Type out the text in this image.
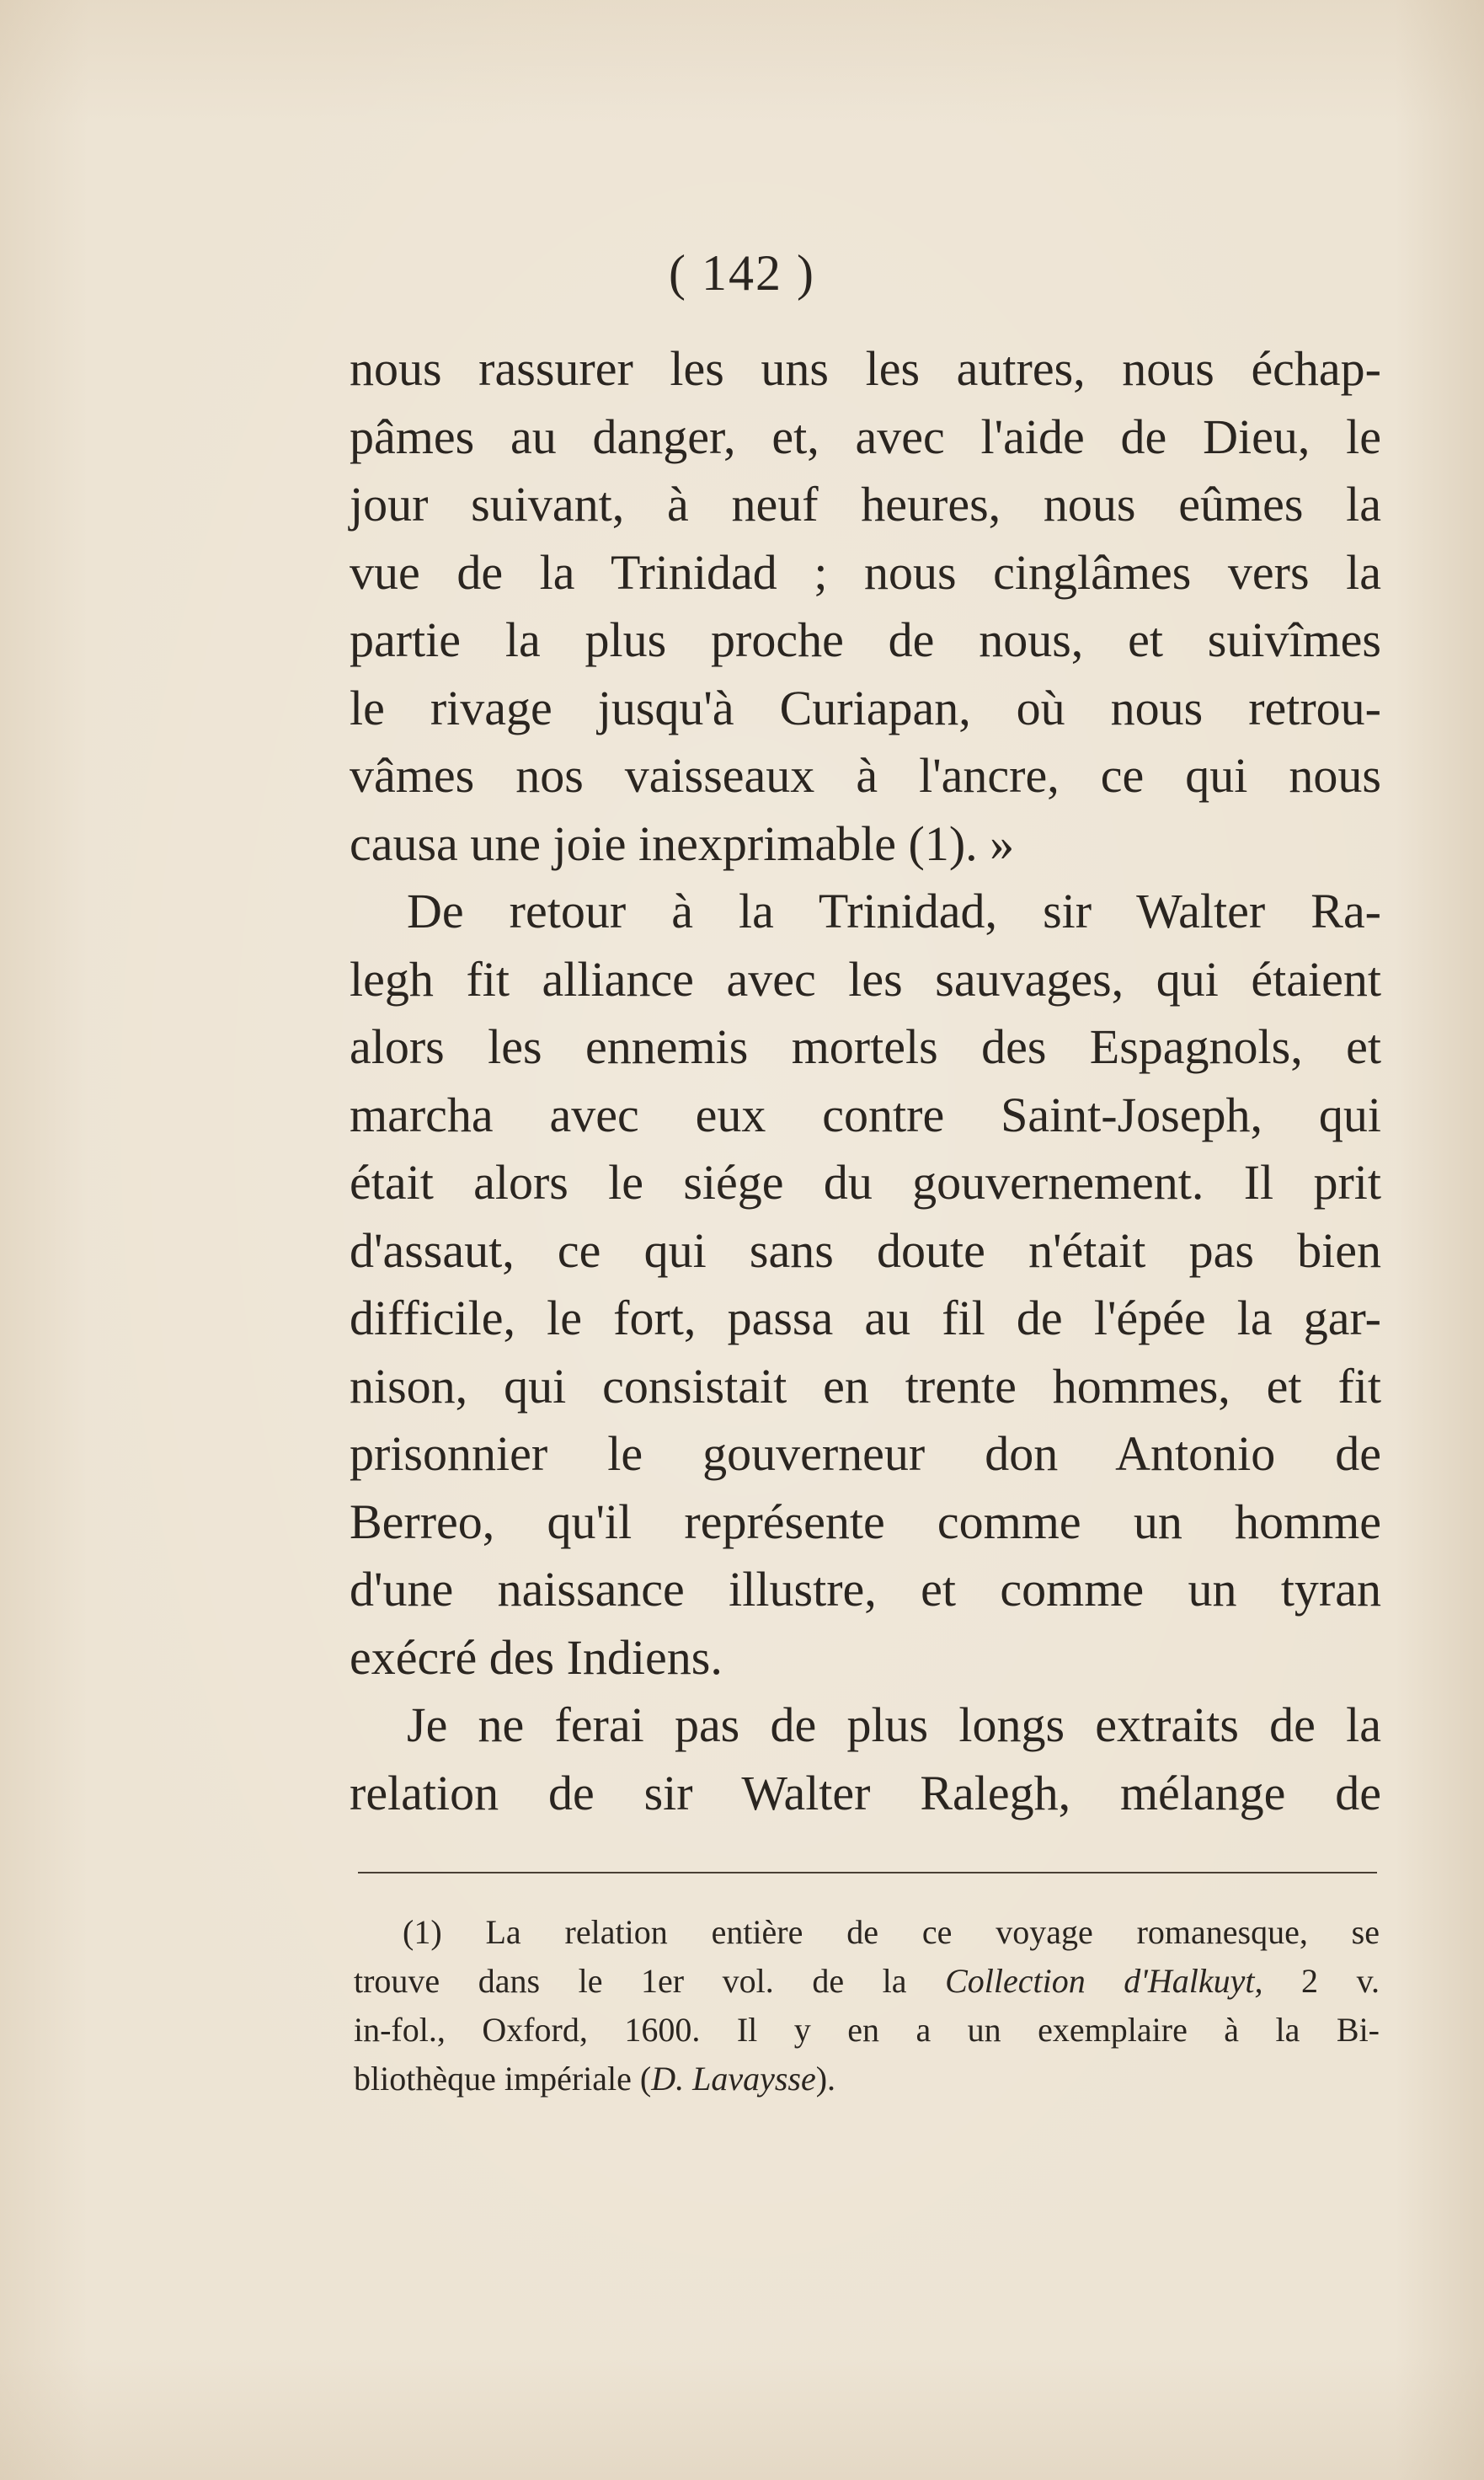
( 142 )
nous rassurer les uns les autres, nous échap-
pâmes au danger, et, avec l'aide de Dieu, le
jour suivant, à neuf heures, nous eûmes la
vue de la Trinidad ; nous cinglâmes vers la
partie la plus proche de nous, et suivîmes
le rivage jusqu'à Curiapan, où nous retrou-
vâmes nos vaisseaux à l'ancre, ce qui nous
causa une joie inexprimable (1). »
De retour à la Trinidad, sir Walter Ra-
legh fit alliance avec les sauvages, qui étaient
alors les ennemis mortels des Espagnols, et
marcha avec eux contre Saint-Joseph, qui
était alors le siége du gouvernement. Il prit
d'assaut, ce qui sans doute n'était pas bien
difficile, le fort, passa au fil de l'épée la gar-
nison, qui consistait en trente hommes, et fit
prisonnier le gouverneur don Antonio de
Berreo, qu'il représente comme un homme
d'une naissance illustre, et comme un tyran
exécré des Indiens.
Je ne ferai pas de plus longs extraits de la
relation de sir Walter Ralegh, mélange de
(1) La relation entière de ce voyage romanesque, se
trouve dans le 1er vol. de la Collection d'Halkuyt, 2 v.
in-fol., Oxford, 1600. Il y en a un exemplaire à la Bi-
bliothèque impériale (D. Lavaysse).
